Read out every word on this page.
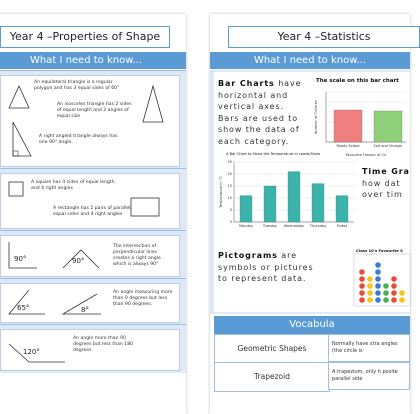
Year 4 –Properties of Shape
What I need to know...
An equilateral triangle is a regular polygon and has 3 equal sides of 60°
An isosceles triangle has 2 sides of equal length and 2 angles of equal size
A right angled triangle always has one 90° angle.
A square has 4 sides of equal length and 4 right angles
A rectangle has 2 pairs of parallel, equal sides and 4 right angles
90°	90°
The intersection of perpendicular lines creates a right angle which is always 90°
65°	8°
An angle measuring more than 0 degrees but less than 90 degrees.
120°
An angle more than 90 degrees but less than 180 degrees
Year 4 –Statistics
What I need to know...
Bar Charts have horizontal and vertical axes. Bars are used to show the data of each category.
The scale on this bar chart
Ready Salted	Salt and Vinegar
Number of Children
Favourite Flavour of Cri
A Bar Chart to Show the Temperature in Leeds/Sines
0
5
10
15
20
25
Monday	Tuesday Wednesday Thursday	Friday
Temperature in °C
Time Gra
how dat over tim
Pictograms are symbols or pictures to represent data.
Class 10's Favourite S
Vocabula
Geometric Shapes	Normally have stra angles (the circle is
Trapezoid	A trapezium, only h posite parallel side
